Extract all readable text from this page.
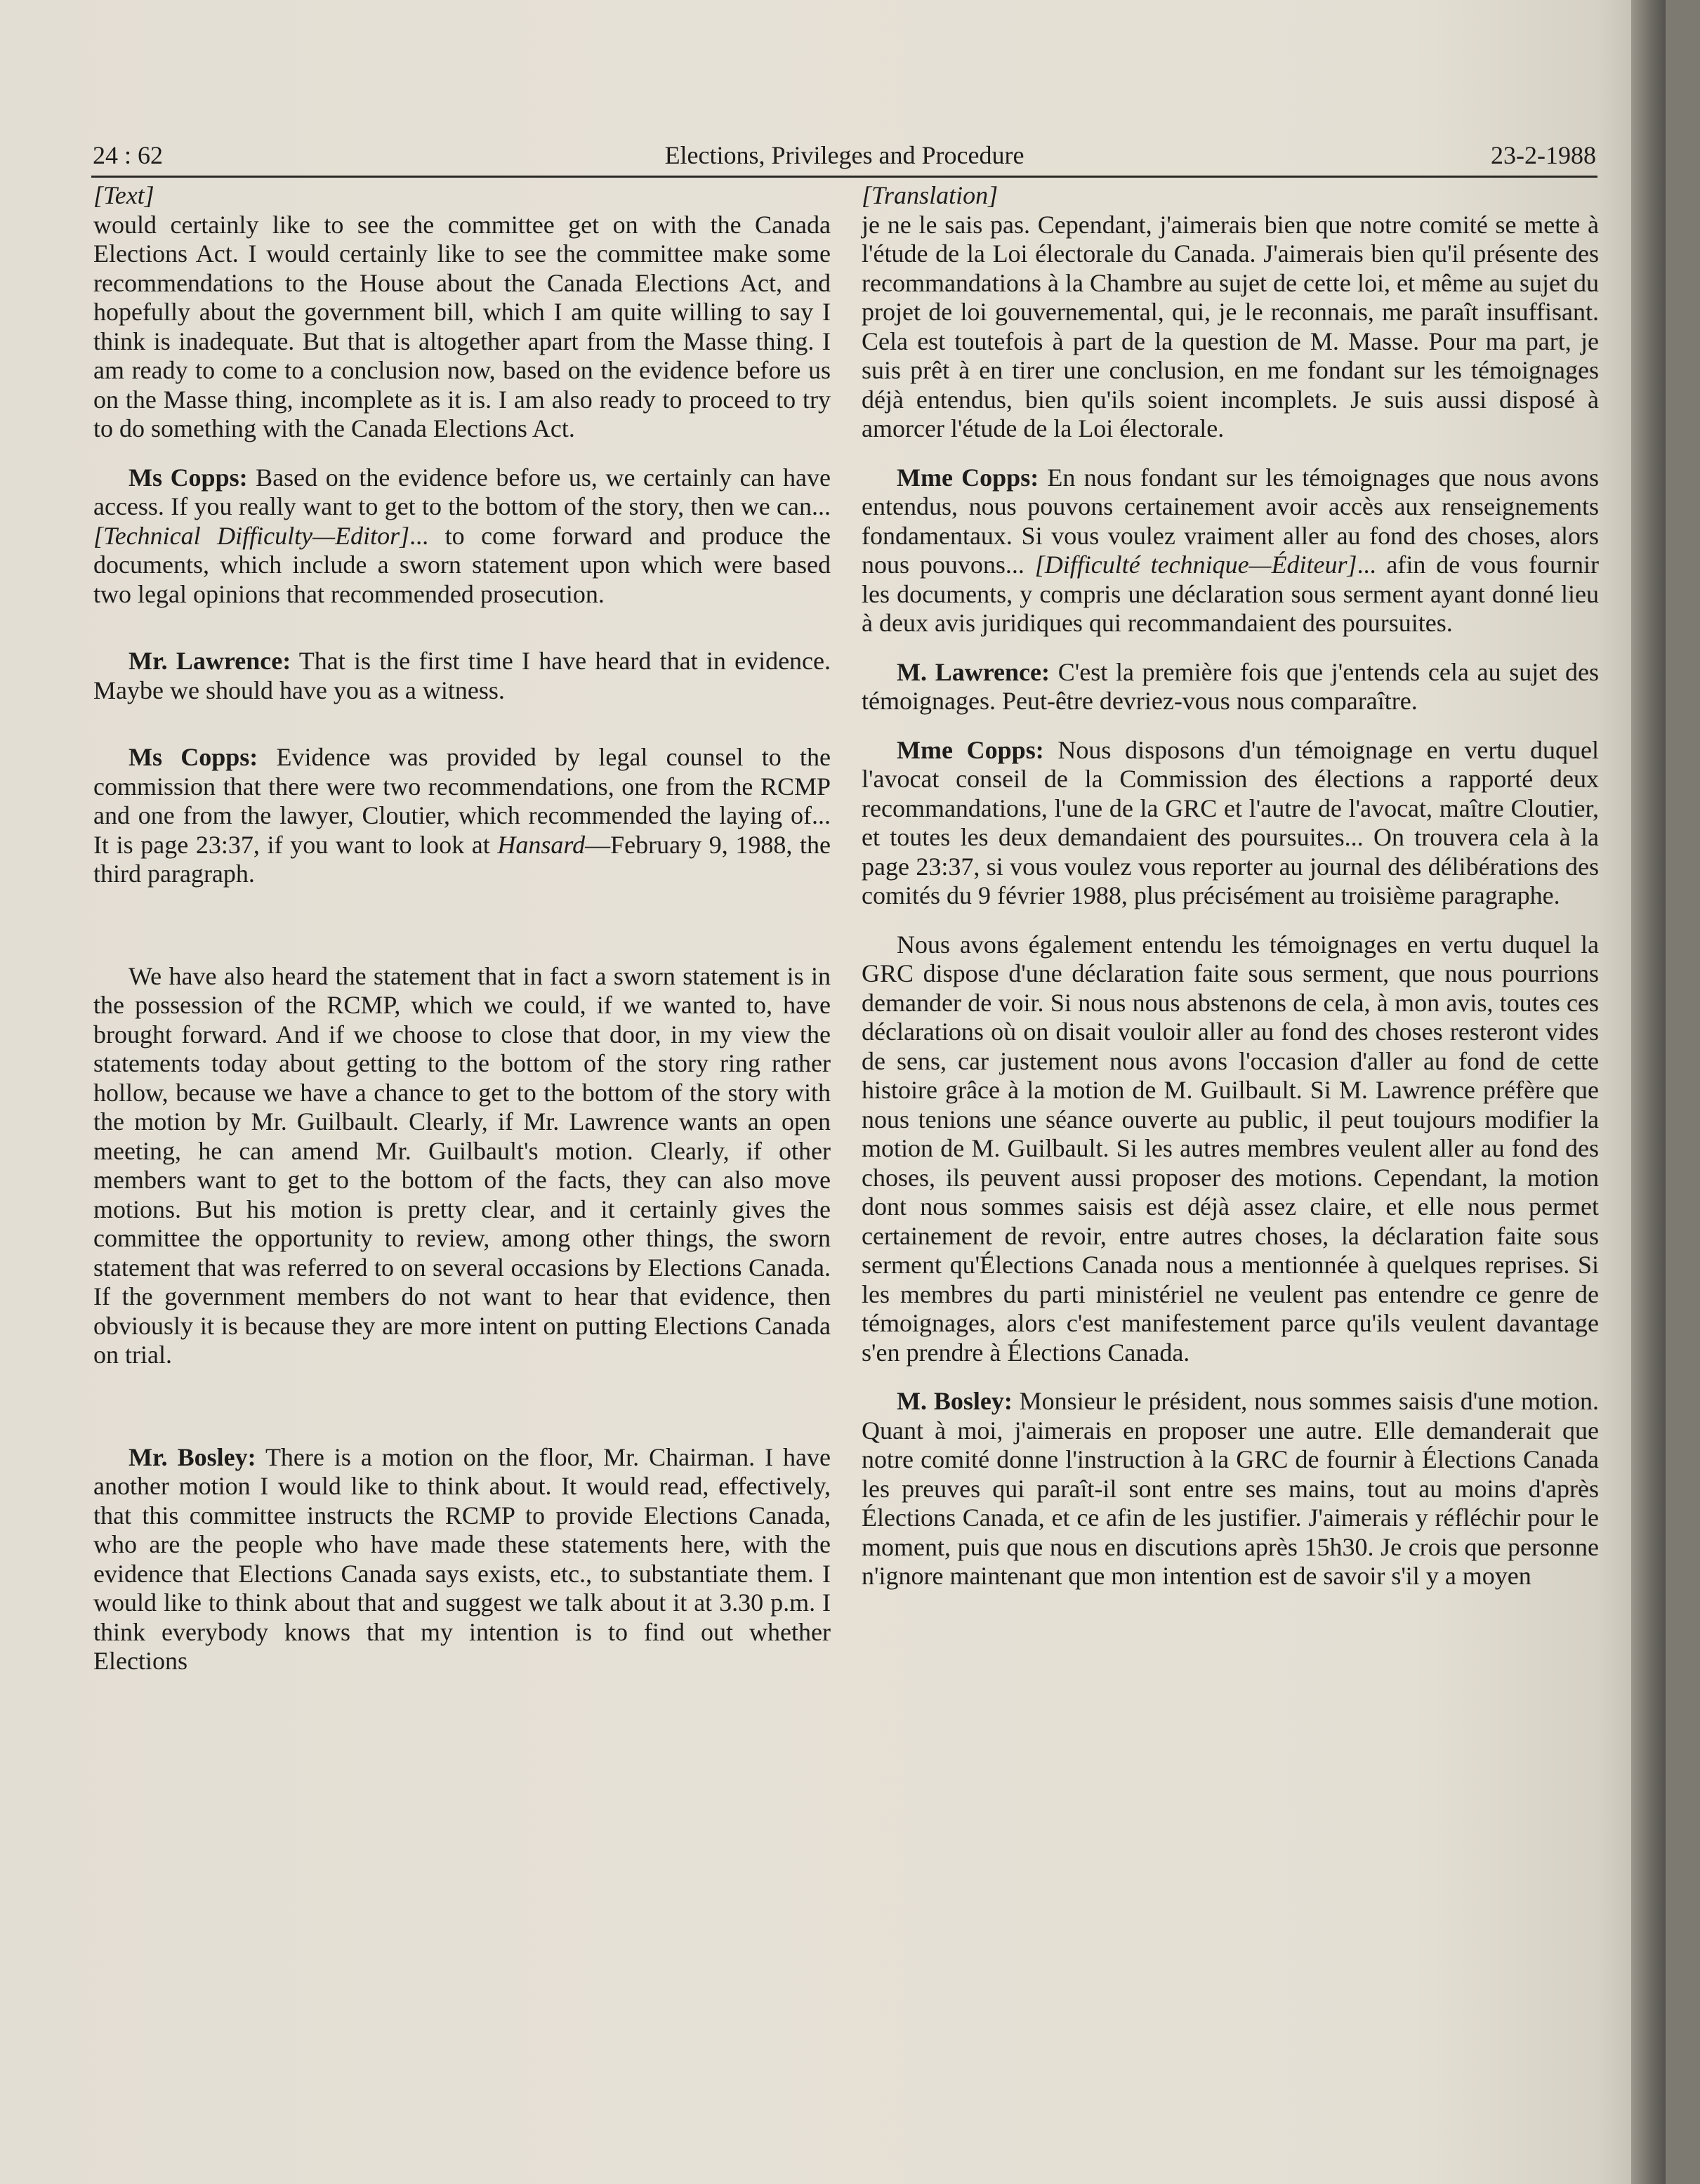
24 : 62	Elections, Privileges and Procedure	23-2-1988

[Text]

would certainly like to see the committee get on with the Canada Elections Act. I would certainly like to see the committee make some recommendations to the House about the Canada Elections Act, and hopefully about the government bill, which I am quite willing to say I think is inadequate. But that is altogether apart from the Masse thing. I am ready to come to a conclusion now, based on the evidence before us on the Masse thing, incomplete as it is. I am also ready to proceed to try to do something with the Canada Elections Act.

Ms Copps: Based on the evidence before us, we certainly can have access. If you really want to get to the bottom of the story, then we can... [Technical Difficulty—Editor]... to come forward and produce the documents, which include a sworn statement upon which were based two legal opinions that recommended prosecution.

Mr. Lawrence: That is the first time I have heard that in evidence. Maybe we should have you as a witness.

Ms Copps: Evidence was provided by legal counsel to the commission that there were two recommendations, one from the RCMP and one from the lawyer, Cloutier, which recommended the laying of... It is page 23:37, if you want to look at Hansard—February 9, 1988, the third paragraph.

We have also heard the statement that in fact a sworn statement is in the possession of the RCMP, which we could, if we wanted to, have brought forward. And if we choose to close that door, in my view the statements today about getting to the bottom of the story ring rather hollow, because we have a chance to get to the bottom of the story with the motion by Mr. Guilbault. Clearly, if Mr. Lawrence wants an open meeting, he can amend Mr. Guilbault's motion. Clearly, if other members want to get to the bottom of the facts, they can also move motions. But his motion is pretty clear, and it certainly gives the committee the opportunity to review, among other things, the sworn statement that was referred to on several occasions by Elections Canada. If the government members do not want to hear that evidence, then obviously it is because they are more intent on putting Elections Canada on trial.

Mr. Bosley: There is a motion on the floor, Mr. Chairman. I have another motion I would like to think about. It would read, effectively, that this committee instructs the RCMP to provide Elections Canada, who are the people who have made these statements here, with the evidence that Elections Canada says exists, etc., to substantiate them. I would like to think about that and suggest we talk about it at 3.30 p.m. I think everybody knows that my intention is to find out whether Elections

[Translation]

je ne le sais pas. Cependant, j'aimerais bien que notre comité se mette à l'étude de la Loi électorale du Canada. J'aimerais bien qu'il présente des recommandations à la Chambre au sujet de cette loi, et même au sujet du projet de loi gouvernemental, qui, je le reconnais, me paraît insuffisant. Cela est toutefois à part de la question de M. Masse. Pour ma part, je suis prêt à en tirer une conclusion, en me fondant sur les témoignages déjà entendus, bien qu'ils soient incomplets. Je suis aussi disposé à amorcer l'étude de la Loi électorale.

Mme Copps: En nous fondant sur les témoignages que nous avons entendus, nous pouvons certainement avoir accès aux renseignements fondamentaux. Si vous voulez vraiment aller au fond des choses, alors nous pouvons... [Difficulté technique—Éditeur]... afin de vous fournir les documents, y compris une déclaration sous serment ayant donné lieu à deux avis juridiques qui recommandaient des poursuites.

M. Lawrence: C'est la première fois que j'entends cela au sujet des témoignages. Peut-être devriez-vous nous comparaître.

Mme Copps: Nous disposons d'un témoignage en vertu duquel l'avocat conseil de la Commission des élections a rapporté deux recommandations, l'une de la GRC et l'autre de l'avocat, maître Cloutier, et toutes les deux demandaient des poursuites... On trouvera cela à la page 23:37, si vous voulez vous reporter au journal des délibérations des comités du 9 février 1988, plus précisément au troisième paragraphe.

Nous avons également entendu les témoignages en vertu duquel la GRC dispose d'une déclaration faite sous serment, que nous pourrions demander de voir. Si nous nous abstenons de cela, à mon avis, toutes ces déclarations où on disait vouloir aller au fond des choses resteront vides de sens, car justement nous avons l'occasion d'aller au fond de cette histoire grâce à la motion de M. Guilbault. Si M. Lawrence préfère que nous tenions une séance ouverte au public, il peut toujours modifier la motion de M. Guilbault. Si les autres membres veulent aller au fond des choses, ils peuvent aussi proposer des motions. Cependant, la motion dont nous sommes saisis est déjà assez claire, et elle nous permet certainement de revoir, entre autres choses, la déclaration faite sous serment qu'Élections Canada nous a mentionnée à quelques reprises. Si les membres du parti ministériel ne veulent pas entendre ce genre de témoignages, alors c'est manifestement parce qu'ils veulent davantage s'en prendre à Élections Canada.

M. Bosley: Monsieur le président, nous sommes saisis d'une motion. Quant à moi, j'aimerais en proposer une autre. Elle demanderait que notre comité donne l'instruction à la GRC de fournir à Élections Canada les preuves qui paraît-il sont entre ses mains, tout au moins d'après Élections Canada, et ce afin de les justifier. J'aimerais y réfléchir pour le moment, puis que nous en discutions après 15h30. Je crois que personne n'ignore maintenant que mon intention est de savoir s'il y a moyen
